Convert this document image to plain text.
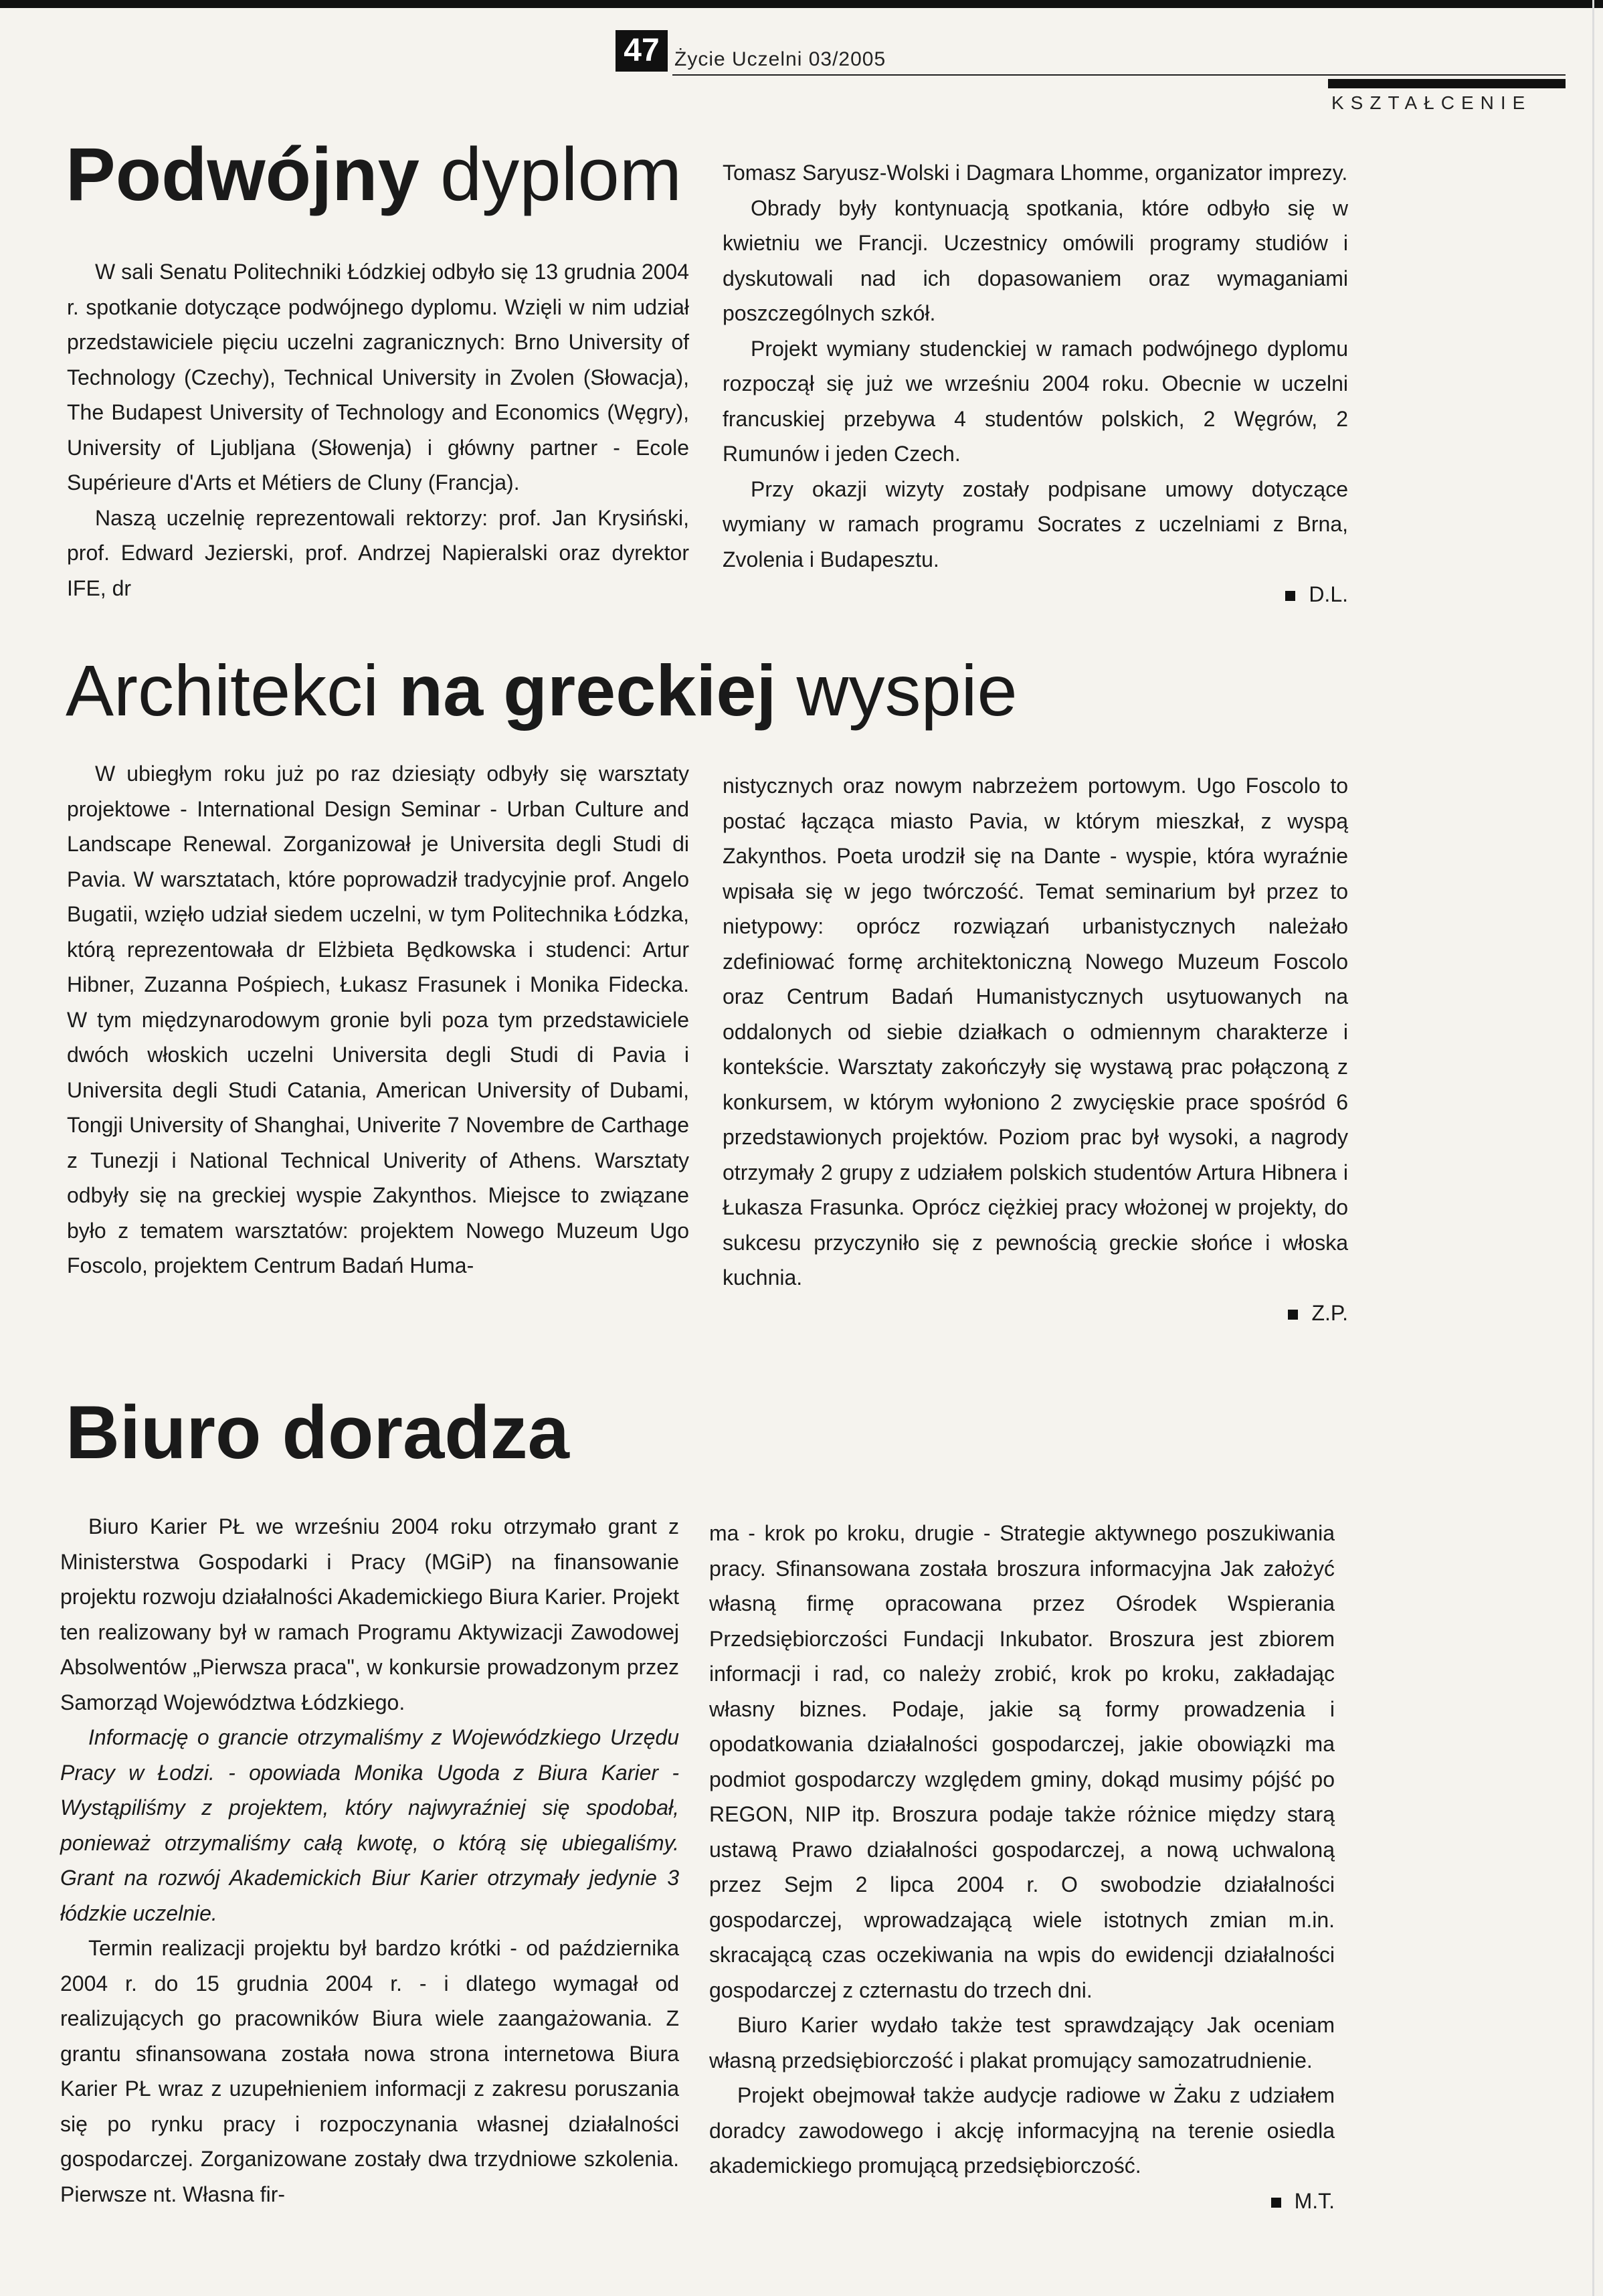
47 Życie Uczelni 03/2005
KSZTAŁCENIE
Podwójny dyplom

W sali Senatu Politechniki Łódzkiej odbyło się 13 grudnia 2004 r. spotkanie dotyczące podwójnego dyplomu. Wzięli w nim udział przedstawiciele pięciu uczelni zagranicznych: Brno University of Technology (Czechy), Technical University in Zvolen (Słowacja), The Budapest University of Technology and Economics (Węgry), University of Ljubljana (Słowenja) i główny partner - Ecole Supérieure d'Arts et Métiers de Cluny (Francja).

Naszą uczelnię reprezentowali rektorzy: prof. Jan Krysiński, prof. Edward Jezierski, prof. Andrzej Napieralski oraz dyrektor IFE, dr

Tomasz Saryusz-Wolski i Dagmara Lhomme, organizator imprezy.

Obrady były kontynuacją spotkania, które odbyło się w kwietniu we Francji. Uczestnicy omówili programy studiów i dyskutowali nad ich dopasowaniem oraz wymaganiami poszczególnych szkół.

Projekt wymiany studenckiej w ramach podwójnego dyplomu rozpoczął się już we wrześniu 2004 roku. Obecnie w uczelni francuskiej przebywa 4 studentów polskich, 2 Węgrów, 2 Rumunów i jeden Czech.

Przy okazji wizyty zostały podpisane umowy dotyczące wymiany w ramach programu Socrates z uczelniami z Brna, Zvolenia i Budapesztu.

D.L.

Architekci na greckiej wyspie

W ubiegłym roku już po raz dziesiąty odbyły się warsztaty projektowe - International Design Seminar - Urban Culture and Landscape Renewal. Zorganizował je Universita degli Studi di Pavia. W warsztatach, które poprowadził tradycyjnie prof. Angelo Bugatii, wzięło udział siedem uczelni, w tym Politechnika Łódzka, którą reprezentowała dr Elżbieta Będkowska i studenci: Artur Hibner, Zuzanna Pośpiech, Łukasz Frasunek i Monika Fidecka. W tym międzynarodowym gronie byli poza tym przedstawiciele dwóch włoskich uczelni Universita degli Studi di Pavia i Universita degli Studi Catania, American University of Dubami, Tongji University of Shanghai, Univerite 7 Novembre de Carthage z Tunezji i National Technical Univerity of Athens. Warsztaty odbyły się na greckiej wyspie Zakynthos. Miejsce to związane było z tematem warsztatów: projektem Nowego Muzeum Ugo Foscolo, projektem Centrum Badań Huma-

nistycznych oraz nowym nabrzeżem portowym. Ugo Foscolo to postać łącząca miasto Pavia, w którym mieszkał, z wyspą Zakynthos. Poeta urodził się na Dante - wyspie, która wyraźnie wpisała się w jego twórczość. Temat seminarium był przez to nietypowy: oprócz rozwiązań urbanistycznych należało zdefiniować formę architektoniczną Nowego Muzeum Foscolo oraz Centrum Badań Humanistycznych usytuowanych na oddalonych od siebie działkach o odmiennym charakterze i kontekście. Warsztaty zakończyły się wystawą prac połączoną z konkursem, w którym wyłoniono 2 zwycięskie prace spośród 6 przedstawionych projektów. Poziom prac był wysoki, a nagrody otrzymały 2 grupy z udziałem polskich studentów Artura Hibnera i Łukasza Frasunka. Oprócz ciężkiej pracy włożonej w projekty, do sukcesu przyczyniło się z pewnością greckie słońce i włoska kuchnia.

Z.P.

Biuro doradza

Biuro Karier PŁ we wrześniu 2004 roku otrzymało grant z Ministerstwa Gospodarki i Pracy (MGiP) na finansowanie projektu rozwoju działalności Akademickiego Biura Karier. Projekt ten realizowany był w ramach Programu Aktywizacji Zawodowej Absolwentów „Pierwsza praca", w konkursie prowadzonym przez Samorząd Województwa Łódzkiego.

Informację o grancie otrzymaliśmy z Wojewódzkiego Urzędu Pracy w Łodzi. - opowiada Monika Ugoda z Biura Karier - Wystąpiliśmy z projektem, który najwyraźniej się spodobał, ponieważ otrzymaliśmy całą kwotę, o którą się ubiegaliśmy. Grant na rozwój Akademickich Biur Karier otrzymały jedynie 3 łódzkie uczelnie.

Termin realizacji projektu był bardzo krótki - od października 2004 r. do 15 grudnia 2004 r. - i dlatego wymagał od realizujących go pracowników Biura wiele zaangażowania. Z grantu sfinansowana została nowa strona internetowa Biura Karier PŁ wraz z uzupełnieniem informacji z zakresu poruszania się po rynku pracy i rozpoczynania własnej działalności gospodarczej. Zorganizowane zostały dwa trzydniowe szkolenia. Pierwsze nt. Własna fir-

ma - krok po kroku, drugie - Strategie aktywnego poszukiwania pracy. Sfinansowana została broszura informacyjna Jak założyć własną firmę opracowana przez Ośrodek Wspierania Przedsiębiorczości Fundacji Inkubator. Broszura jest zbiorem informacji i rad, co należy zrobić, krok po kroku, zakładając własny biznes. Podaje, jakie są formy prowadzenia i opodatkowania działalności gospodarczej, jakie obowiązki ma podmiot gospodarczy względem gminy, dokąd musimy pójść po REGON, NIP itp. Broszura podaje także różnice między starą ustawą Prawo działalności gospodarczej, a nową uchwaloną przez Sejm 2 lipca 2004 r. O swobodzie działalności gospodarczej, wprowadzającą wiele istotnych zmian m.in. skracającą czas oczekiwania na wpis do ewidencji działalności gospodarczej z czternastu do trzech dni.

Biuro Karier wydało także test sprawdzający Jak oceniam własną przedsiębiorczość i plakat promujący samozatrudnienie.

Projekt obejmował także audycje radiowe w Żaku z udziałem doradcy zawodowego i akcję informacyjną na terenie osiedla akademickiego promującą przedsiębiorczość.

M.T.
